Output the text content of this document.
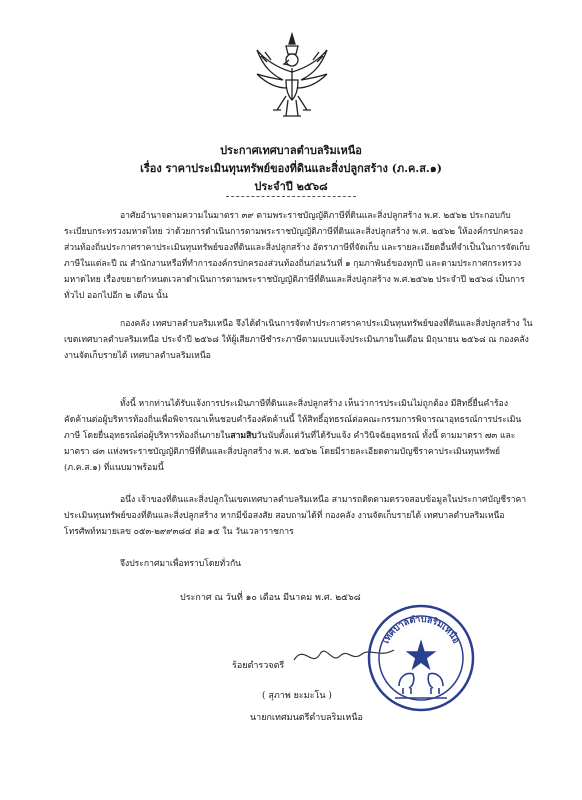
ประกาศเทศบาลตำบลริมเหนือ
เรื่อง ราคาประเมินทุนทรัพย์ของที่ดินและสิ่งปลูกสร้าง (ภ.ค.ส.๑)
ประจำปี ๒๕๖๘

อาศัยอำนาจตามความในมาตรา ๓๙ ตามพระราชบัญญัติภาษีที่ดินและสิ่งปลูกสร้าง พ.ศ. ๒๕๖๒ ประกอบกับระเบียบกระทรวงมหาดไทย ว่าด้วยการดำเนินการตามพระราชบัญญัติภาษีที่ดินและสิ่งปลูกสร้าง พ.ศ. ๒๕๖๒ ให้องค์กรปกครองส่วนท้องถิ่นประกาศราคาประเมินทุนทรัพย์ของที่ดินและสิ่งปลูกสร้าง อัตราภาษีที่จัดเก็บ และรายละเอียดอื่นที่จำเป็นในการจัดเก็บภาษีในแต่ละปี ณ สำนักงานหรือที่ทำการองค์กรปกครองส่วนท้องถิ่นก่อนวันที่ ๑ กุมภาพันธ์ของทุกปี และตามประกาศกระทรวงมหาดไทย เรื่องขยายกำหนดเวลาดำเนินการตามพระราชบัญญัติภาษีที่ดินและสิ่งปลูกสร้าง พ.ศ.๒๕๖๒ ประจำปี ๒๕๖๘ เป็นการทั่วไป ออกไปอีก ๒ เดือน นั้น

กองคลัง เทศบาลตำบลริมเหนือ จึงได้ดำเนินการจัดทำประกาศราคาประเมินทุนทรัพย์ของที่ดินและสิ่งปลูกสร้าง ในเขตเทศบาลตำบลริมเหนือ ประจำปี ๒๕๖๘ ให้ผู้เสียภาษีชำระภาษีตามแบบแจ้งประเมินภายในเดือน มิถุนายน ๒๕๖๘ ณ กองคลัง งานจัดเก็บรายได้ เทศบาลตำบลริมเหนือ

ทั้งนี้ หากท่านได้รับแจ้งการประเมินภาษีที่ดินและสิ่งปลูกสร้าง เห็นว่าการประเมินไม่ถูกต้อง มีสิทธิ์ยื่นคำร้องคัดค้านต่อผู้บริหารท้องถิ่นเพื่อพิจารณาเห็นชอบคำร้องคัดค้านนี้ ให้สิทธิ์อุทธรณ์ต่อคณะกรรมการพิจารณาอุทธรณ์การประเมินภาษี โดยยื่นอุทธรณ์ต่อผู้บริหารท้องถิ่นภายในสามสิบวันนับตั้งแต่วันที่ได้รับแจ้ง คำวินิจฉัยอุทธรณ์ ทั้งนี้ ตามมาตรา ๗๓ และมาตรา ๘๓ แห่งพระราชบัญญัติภาษีที่ดินและสิ่งปลูกสร้าง พ.ศ. ๒๕๖๒ โดยมีรายละเอียดตามบัญชีราคาประเมินทุนทรัพย์ (ภ.ค.ส.๑) ที่แนบมาพร้อมนี้

อนึ่ง เจ้าของที่ดินและสิ่งปลูกในเขตเทศบาลตำบลริมเหนือ สามารถติดตามตรวจสอบข้อมูลในประกาศบัญชีราคาประเมินทุนทรัพย์ของที่ดินและสิ่งปลูกสร้าง หากมีข้อสงสัย สอบถามได้ที่ กองคลัง งานจัดเก็บรายได้ เทศบาลตำบลริมเหนือ โทรศัพท์หมายเลข ๐๕๓-๒๙๙๓๘๔ ต่อ ๑๕ ใน วันเวลาราชการ

จึงประกาศมาเพื่อทราบโดยทั่วกัน

ประกาศ ณ วันที่ ๑๐ เดือน มีนาคม พ.ศ. ๒๕๖๘
ร้อยตำรวจตรี
( สุภาพ ยะมะโน )
นายกเทศมนตรีตำบลริมเหนือ
เทศบาลตำบลริมเหนือ
